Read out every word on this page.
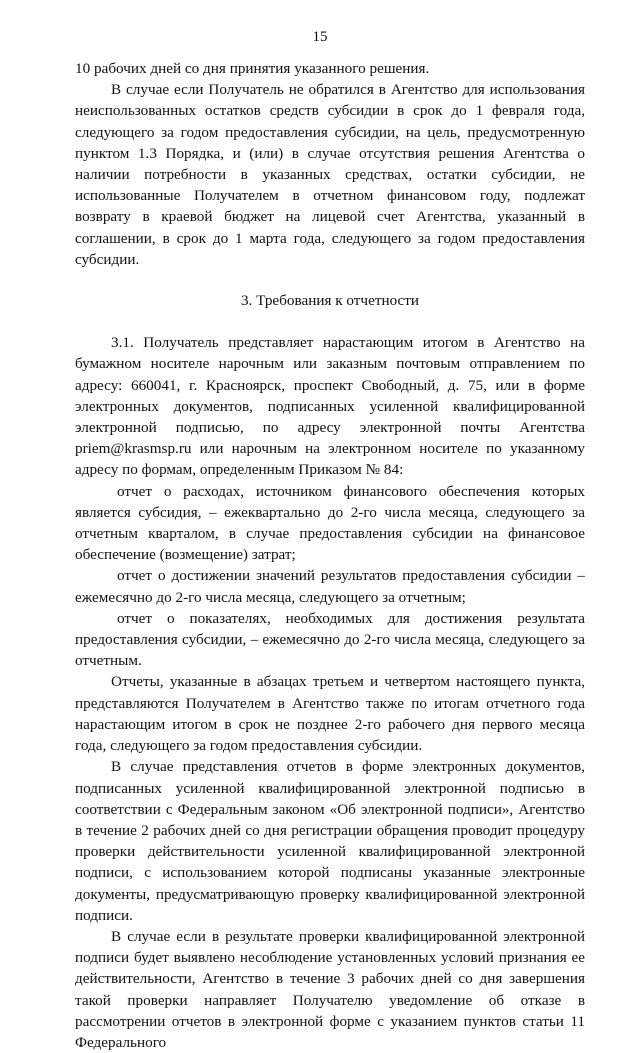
15

10 рабочих дней со дня принятия указанного решения.

В случае если Получатель не обратился в Агентство для использования неиспользованных остатков средств субсидии в срок до 1 февраля года, следующего за годом предоставления субсидии, на цель, предусмотренную пунктом 1.3 Порядка, и (или) в случае отсутствия решения Агентства о наличии потребности в указанных средствах, остатки субсидии, не использованные Получателем в отчетном финансовом году, подлежат возврату в краевой бюджет на лицевой счет Агентства, указанный в соглашении, в срок до 1 марта года, следующего за годом предоставления субсидии.

3. Требования к отчетности

3.1. Получатель представляет нарастающим итогом в Агентство на бумажном носителе нарочным или заказным почтовым отправлением по адресу: 660041, г. Красноярск, проспект Свободный, д. 75, или в форме электронных документов, подписанных усиленной квалифицированной электронной подписью, по адресу электронной почты Агентства priem@krasmsp.ru или нарочным на электронном носителе по указанному адресу по формам, определенным Приказом № 84:

отчет о расходах, источником финансового обеспечения которых является субсидия, – ежеквартально до 2-го числа месяца, следующего за отчетным кварталом, в случае предоставления субсидии на финансовое обеспечение (возмещение) затрат;

отчет о достижении значений результатов предоставления субсидии – ежемесячно до 2-го числа месяца, следующего за отчетным;

отчет о показателях, необходимых для достижения результата предоставления субсидии, – ежемесячно до 2-го числа месяца, следующего за отчетным.

Отчеты, указанные в абзацах третьем и четвертом настоящего пункта, представляются Получателем в Агентство также по итогам отчетного года нарастающим итогом в срок не позднее 2-го рабочего дня первого месяца года, следующего за годом предоставления субсидии.

В случае представления отчетов в форме электронных документов, подписанных усиленной квалифицированной электронной подписью в соответствии с Федеральным законом «Об электронной подписи», Агентство в течение 2 рабочих дней со дня регистрации обращения проводит процедуру проверки действительности усиленной квалифицированной электронной подписи, с использованием которой подписаны указанные электронные документы, предусматривающую проверку квалифицированной электронной подписи.

В случае если в результате проверки квалифицированной электронной подписи будет выявлено несоблюдение установленных условий признания ее действительности, Агентство в течение 3 рабочих дней со дня завершения такой проверки направляет Получателю уведомление об отказе в рассмотрении отчетов в электронной форме с указанием пунктов статьи 11 Федерального
